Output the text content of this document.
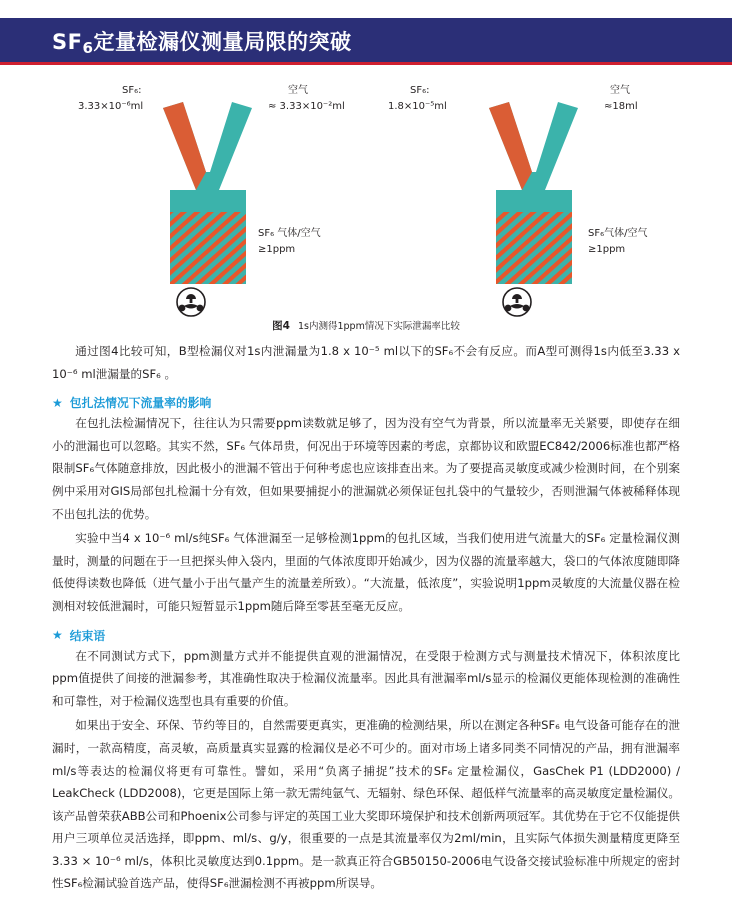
$SF_6$定量检漏仪测量局限的突破
SF₆:
3.33×10⁻⁶ml
空气
≈ 3.33×10⁻²ml
SF₆:
1.8×10⁻⁵ml
空气
≈18ml
SF₆ 气体/空气
≥1ppm
SF₆气体/空气
≥1ppm
图4 1s内测得1ppm情况下实际泄漏率比较

通过图4比较可知，B型检漏仪对1s内泄漏量为1.8 x 10⁻⁵ ml以下的SF₆不会有反应。而A型可测得1s内低至3.33 x 10⁻⁶ ml泄漏量的SF₆ 。

★ 包扎法情况下流量率的影响

在包扎法检漏情况下，往往认为只需要ppm读数就足够了，因为没有空气为背景，所以流量率无关紧要，即使存在细小的泄漏也可以忽略。其实不然，SF₆ 气体昂贵，何况出于环境等因素的考虑，京都协议和欧盟EC842/2006标准也都严格限制SF₆气体随意排放，因此极小的泄漏不管出于何种考虑也应该排查出来。为了要提高灵敏度或减少检测时间，在个别案例中采用对GIS局部包扎检漏十分有效，但如果要捕捉小的泄漏就必须保证包扎袋中的气量较少，否则泄漏气体被稀释体现不出包扎法的优势。

实验中当4 x 10⁻⁶ ml/s纯SF₆ 气体泄漏至一足够检测1ppm的包扎区域，当我们使用进气流量大的SF₆ 定量检漏仪测量时，测量的问题在于一旦把探头伸入袋内，里面的气体浓度即开始减少，因为仪器的流量率越大，袋口的气体浓度随即降低使得读数也降低（进气量小于出气量产生的流量差所致）。“大流量，低浓度”，实验说明1ppm灵敏度的大流量仪器在检测相对较低泄漏时，可能只短暂显示1ppm随后降至零甚至毫无反应。

★ 结束语

在不同测试方式下，ppm测量方式并不能提供直观的泄漏情况，在受限于检测方式与测量技术情况下，体积浓度比ppm值提供了间接的泄漏参考，其准确性取决于检漏仪流量率。因此具有泄漏率ml/s显示的检漏仪更能体现检测的准确性和可靠性，对于检漏仪选型也具有重要的价值。

如果出于安全、环保、节约等目的，自然需要更真实，更准确的检测结果，所以在测定各种SF₆ 电气设备可能存在的泄漏时，一款高精度，高灵敏，高质量真实显露的检漏仪是必不可少的。面对市场上诸多同类不同情况的产品，拥有泄漏率ml/s等表达的检漏仪将更有可靠性。譬如，采用“负离子捕捉”技术的SF₆ 定量检漏仪，GasChek P1 (LDD2000) / LeakCheck (LDD2008)，它更是国际上第一款无需纯氩气、无辐射、绿色环保、超低样气流量率的高灵敏度定量检漏仪。该产品曾荣获ABB公司和Phoenix公司参与评定的英国工业大奖即环境保护和技术创新两项冠军。其优势在于它不仅能提供用户三项单位灵活选择，即ppm、ml/s、g/y，很重要的一点是其流量率仅为2ml/min，且实际气体损失测量精度更降至3.33 × 10⁻⁶ ml/s，体积比灵敏度达到0.1ppm。是一款真正符合GB50150-2006电气设备交接试验标准中所规定的密封性SF₆检漏试验首选产品，使得SF₆泄漏检测不再被ppm所误导。
